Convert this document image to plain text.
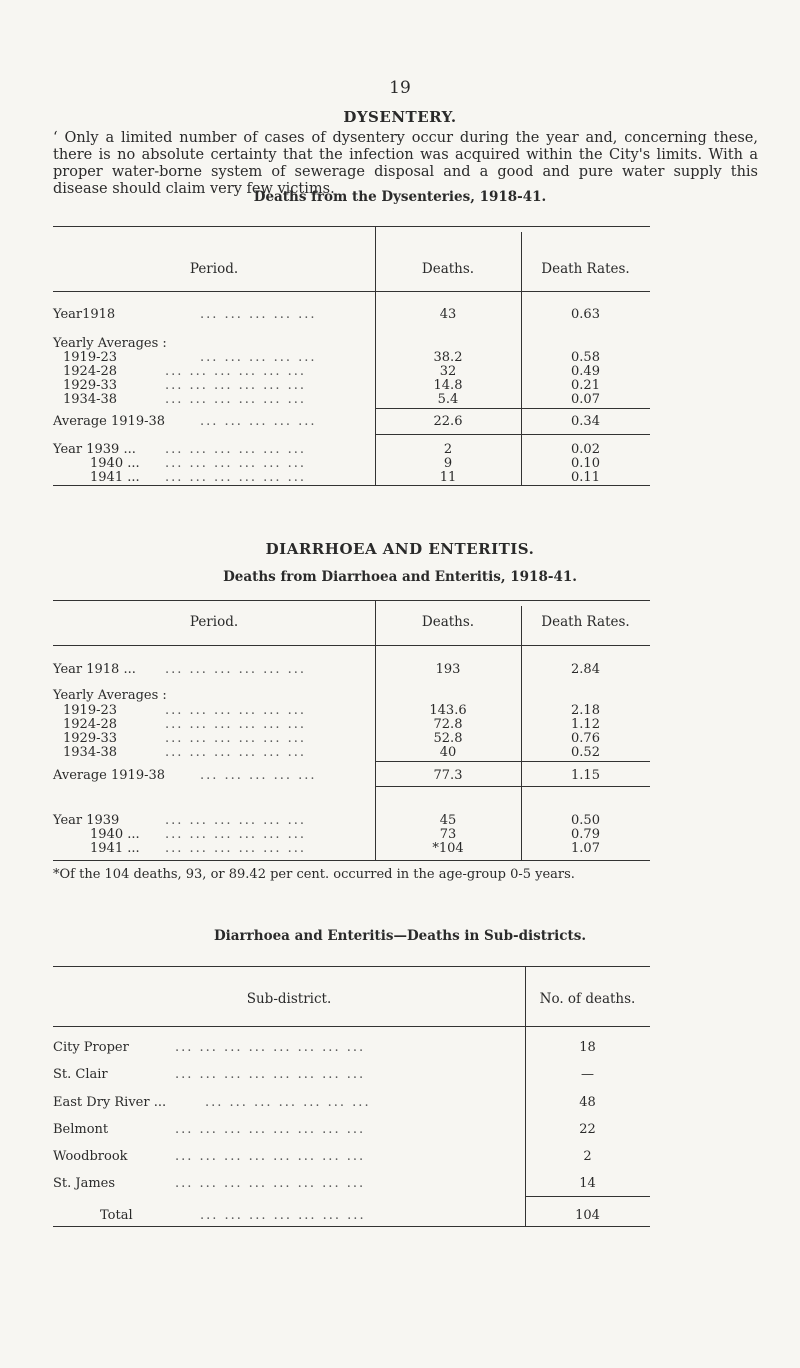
19
DYSENTERY.
‘ Only a limited number of cases of dysentery occur during the year and, concerning these, there is no absolute certainty that the infection was acquired within the City's limits. With a proper water-borne system of sewerage disposal and a good and pure water supply this disease should claim very few victims.
Deaths from the Dysenteries, 1918-41.
Period.	Deaths.	Death Rates.
Year1918	... ... ... ... ...	43	0.63
Yearly Averages :
1919-23	... ... ... ... ...	38.2	0.58
1924-28	... ... ... ... ... ...	32	0.49
1929-33	... ... ... ... ... ...	14.8	0.21
1934-38	... ... ... ... ... ...	5.4	0.07
Average 1919-38	... ... ... ... ...	22.6	0.34
Year 1939 ... ... ... ... ... ... ...	2	0.02
1940 ... ... ... ... ... ... ...	9	0.10
1941 ... ... ... ... ... ... ...	11	0.11
DIARRHOEA AND ENTERITIS.
Deaths from Diarrhoea and Enteritis, 1918-41.
Period.	Deaths.	Death Rates.
Year 1918 ... ... ... ... ... ... ...	193	2.84
Yearly Averages :
1919-23	... ... ... ... ... ...	143.6	2.18
1924-28	... ... ... ... ... ...	72.8	1.12
1929-33	... ... ... ... ... ...	52.8	0.76
1934-38	... ... ... ... ... ...	40	0.52
Average 1919-38	... ... ... ... ...	77.3	1.15
Year 1939	... ... ... ... ... ...	45	0.50
1940 ... ... ... ... ... ... ...	73	0.79
1941 ... ... ... ... ... ... ...	*104	1.07
*Of the 104 deaths, 93, or 89.42 per cent. occurred in the age-group 0-5 years.
Diarrhoea and Enteritis—Deaths in Sub-districts.
Sub-district.	No. of deaths.
City Proper	... ... ... ... ... ... ... ...	18
St. Clair	... ... ... ... ... ... ... ...	—
East Dry River ...	... ... ... ... ... ... ...	48
Belmont	... ... ... ... ... ... ... ...	22
Woodbrook	... ... ... ... ... ... ... ...	2
St. James	... ... ... ... ... ... ... ...	14
Total	... ... ... ... ... ... ...	104
